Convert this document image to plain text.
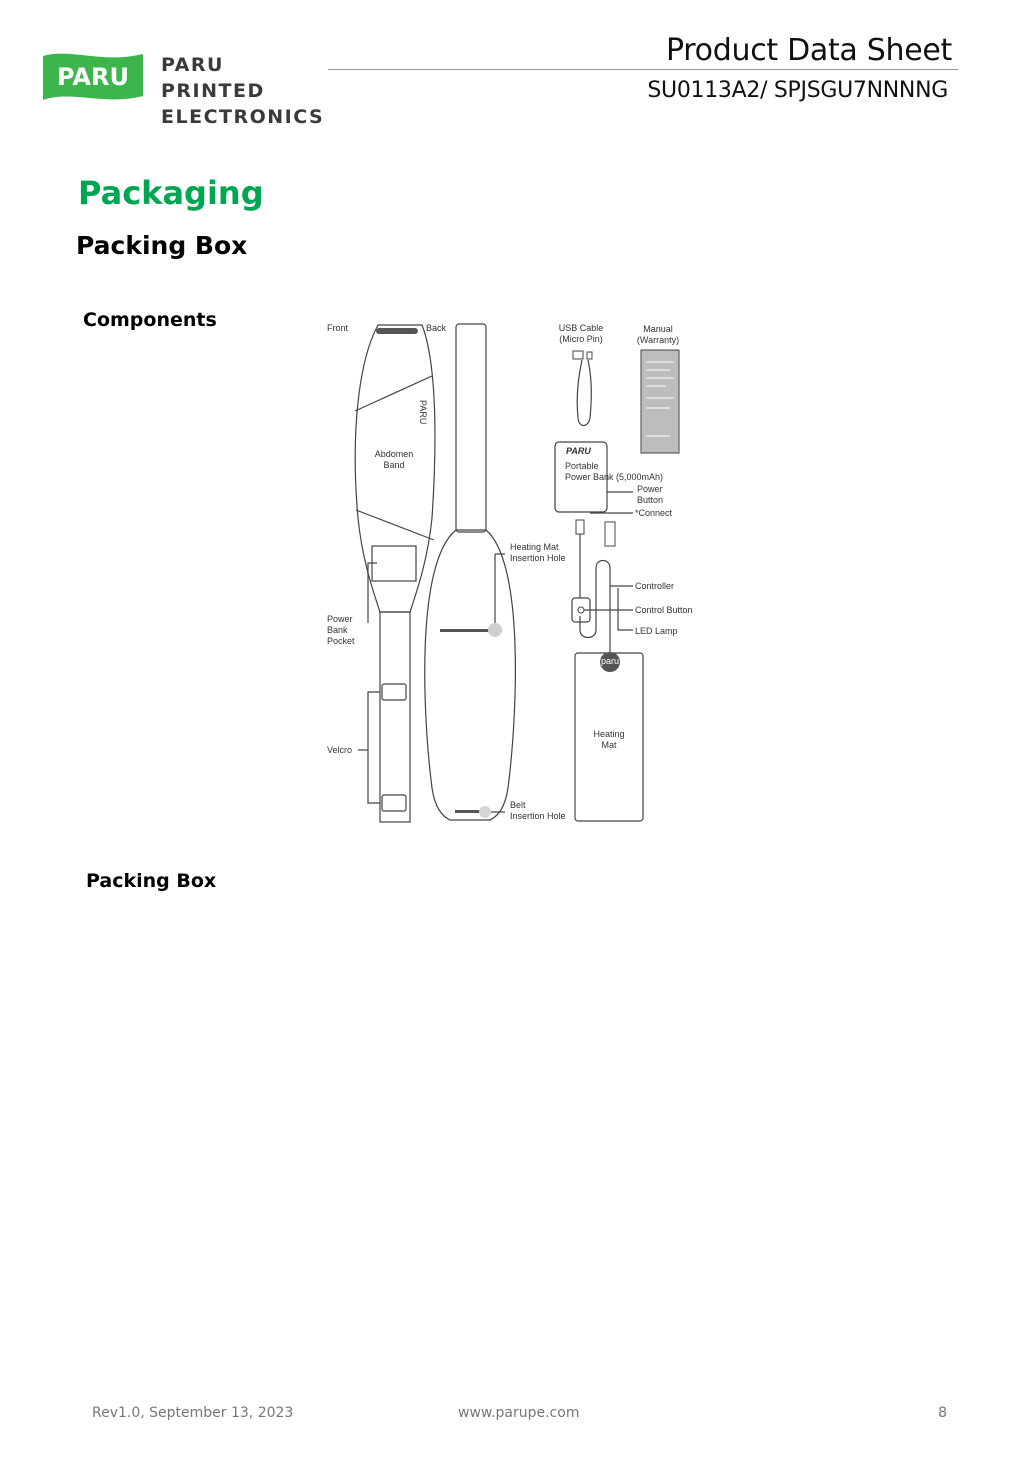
PARU PARU PRINTED
ELECTRONICS
Product Data Sheet
SU0113A2/ SPJSGU7NNNNG
Packaging
Packing Box
Components	Front	Back
PARU
Abdomen
Band
Power
Bank
Pocket
Velcro
Heating Mat
Insertion Hole
Belt
Insertion Hole
USB Cable
(Micro Pin)
Manual
(Warranty)
PARU
Portable
Power Bank (5,000mAh)
Power
Button
*Connect
Controller
Control Button
LED Lamp
paru
Heating
Mat
Packing Box
Rev1.0, September 13, 2023	www.parupe.com	8
